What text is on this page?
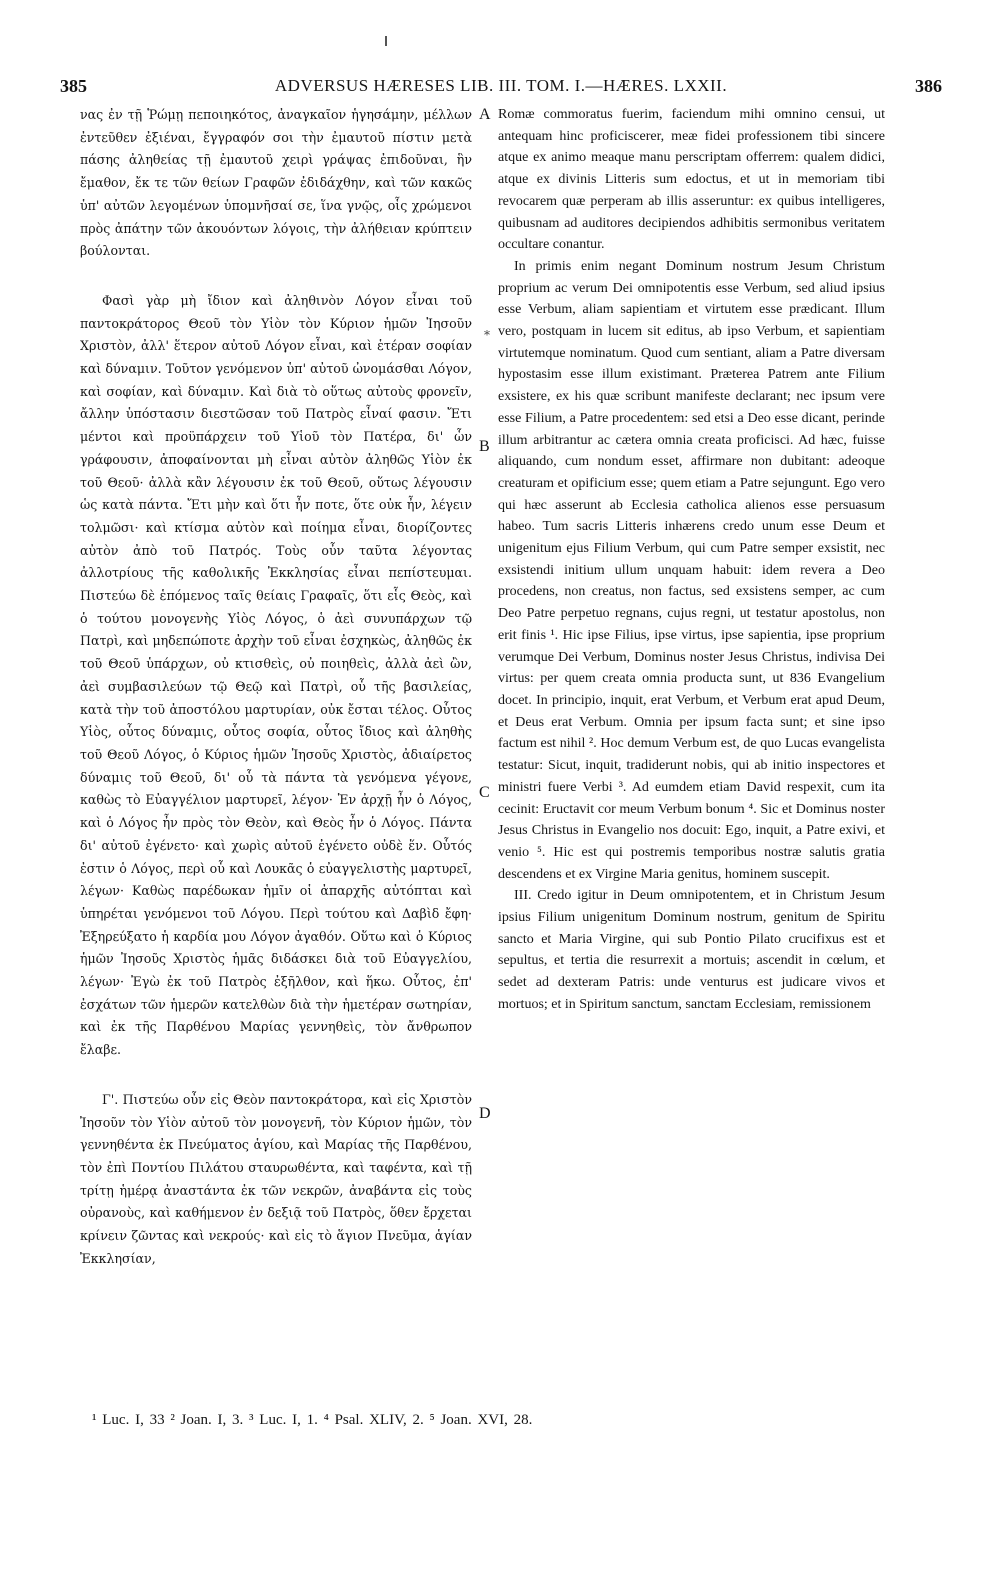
385	ADVERSUS HÆRESES LIB. III. TOM. I.—HÆRES. LXXII.	386

νας ἐν τῇ Ῥώμῃ πεποιηκότος, ἀναγκαῖον ἡγησάμην, μέλλων ἐντεῦθεν ἐξιέναι, ἔγγραφόν σοι τὴν ἐμαυτοῦ πίστιν μετὰ πάσης ἀληθείας τῇ ἐμαυτοῦ χειρὶ γράψας ἐπιδοῦναι, ἣν ἔμαθον, ἔκ τε τῶν θείων Γραφῶν ἐδιδάχθην, καὶ τῶν κακῶς ὑπ' αὐτῶν λεγομένων ὑπομνῆσαί σε, ἵνα γνῷς, οἷς χρώμενοι πρὸς ἀπάτην τῶν ἀκουόντων λόγοις, τὴν ἀλήθειαν κρύπτειν βούλονται.

Φασὶ γὰρ μὴ ἴδιον καὶ ἀληθινὸν Λόγον εἶναι τοῦ παντοκράτορος Θεοῦ τὸν Υἱὸν τὸν Κύριον ἡμῶν Ἰησοῦν Χριστὸν, ἀλλ' ἕτερον αὐτοῦ Λόγον εἶναι, καὶ ἑτέραν σοφίαν καὶ δύναμιν. Τοῦτον γενόμενον ὑπ' αὐτοῦ ὠνομάσθαι Λόγον, καὶ σοφίαν, καὶ δύναμιν. Καὶ διὰ τὸ οὕτως αὐτοὺς φρονεῖν, ἄλλην ὑπόστασιν διεστῶσαν τοῦ Πατρὸς εἶναί φασιν. Ἔτι μέντοι καὶ προϋπάρχειν τοῦ Υἱοῦ τὸν Πατέρα, δι' ὧν γράφουσιν, ἀποφαίνονται μὴ εἶναι αὐτὸν ἀληθῶς Υἱὸν ἐκ τοῦ Θεοῦ· ἀλλὰ κἂν λέγουσιν ἐκ τοῦ Θεοῦ, οὕτως λέγουσιν ὡς κατὰ πάντα. Ἔτι μὴν καὶ ὅτι ἦν ποτε, ὅτε οὐκ ἦν, λέγειν τολμῶσι· καὶ κτίσμα αὐτὸν καὶ ποίημα εἶναι, διορίζοντες αὐτὸν ἀπὸ τοῦ Πατρός. Τοὺς οὖν ταῦτα λέγοντας ἀλλοτρίους τῆς καθολικῆς Ἐκκλησίας εἶναι πεπίστευμαι. Πιστεύω δὲ ἑπόμενος ταῖς θείαις Γραφαῖς, ὅτι εἷς Θεὸς, καὶ ὁ τούτου μονογενὴς Υἱὸς Λόγος, ὁ ἀεὶ συνυπάρχων τῷ Πατρὶ, καὶ μηδεπώποτε ἀρχὴν τοῦ εἶναι ἐσχηκὼς, ἀληθῶς ἐκ τοῦ Θεοῦ ὑπάρχων, οὐ κτισθεὶς, οὐ ποιηθεὶς, ἀλλὰ ἀεὶ ὢν, ἀεὶ συμβασιλεύων τῷ Θεῷ καὶ Πατρὶ, οὗ τῆς βασιλείας, κατὰ τὴν τοῦ ἀποστόλου μαρτυρίαν, οὐκ ἔσται τέλος. Οὗτος Υἱὸς, οὗτος δύναμις, οὗτος σοφία, οὗτος ἴδιος καὶ ἀληθὴς τοῦ Θεοῦ Λόγος, ὁ Κύριος ἡμῶν Ἰησοῦς Χριστὸς, ἀδιαίρετος δύναμις τοῦ Θεοῦ, δι' οὗ τὰ πάντα τὰ γενόμενα γέγονε, καθὼς τὸ Εὐαγγέλιον μαρτυρεῖ, λέγον· Ἐν ἀρχῇ ἦν ὁ Λόγος, καὶ ὁ Λόγος ἦν πρὸς τὸν Θεὸν, καὶ Θεὸς ἦν ὁ Λόγος. Πάντα δι' αὐτοῦ ἐγένετο· καὶ χωρὶς αὐτοῦ ἐγένετο οὐδὲ ἕν. Οὗτός ἐστιν ὁ Λόγος, περὶ οὗ καὶ Λουκᾶς ὁ εὐαγγελιστὴς μαρτυρεῖ, λέγων· Καθὼς παρέδωκαν ἡμῖν οἱ ἀπαρχῆς αὐτόπται καὶ ὑπηρέται γενόμενοι τοῦ Λόγου. Περὶ τούτου καὶ Δαβὶδ ἔφη· Ἐξηρεύξατο ἡ καρδία μου Λόγον ἀγαθόν. Οὕτω καὶ ὁ Κύριος ἡμῶν Ἰησοῦς Χριστὸς ἡμᾶς διδάσκει διὰ τοῦ Εὐαγγελίου, λέγων· Ἐγὼ ἐκ τοῦ Πατρὸς ἐξῆλθον, καὶ ἥκω. Οὗτος, ἐπ' ἐσχάτων τῶν ἡμερῶν κατελθὼν διὰ τὴν ἡμετέραν σωτηρίαν, καὶ ἐκ τῆς Παρθένου Μαρίας γεννηθεὶς, τὸν ἄνθρωπον ἔλαβε.

Γ'. Πιστεύω οὖν εἰς Θεὸν παντοκράτορα, καὶ εἰς Χριστὸν Ἰησοῦν τὸν Υἱὸν αὐτοῦ τὸν μονογενῆ, τὸν Κύριον ἡμῶν, τὸν γεννηθέντα ἐκ Πνεύματος ἁγίου, καὶ Μαρίας τῆς Παρθένου, τὸν ἐπὶ Ποντίου Πιλάτου σταυρωθέντα, καὶ ταφέντα, καὶ τῇ τρίτῃ ἡμέρᾳ ἀναστάντα ἐκ τῶν νεκρῶν, ἀναβάντα εἰς τοὺς οὐρανοὺς, καὶ καθήμενον ἐν δεξιᾷ τοῦ Πατρὸς, ὅθεν ἔρχεται κρίνειν ζῶντας καὶ νεκρούς· καὶ εἰς τὸ ἅγιον Πνεῦμα, ἁγίαν Ἐκκλησίαν,

A
*
B
C
D

Romæ commoratus fuerim, faciendum mihi omnino censui, ut antequam hinc proficiscerer, meæ fidei professionem tibi sincere atque ex animo meaque manu perscriptam offerrem: qualem didici, atque ex divinis Litteris sum edoctus, et ut in memoriam tibi revocarem quæ perperam ab illis asseruntur: ex quibus intelligeres, quibusnam ad auditores decipiendos adhibitis sermonibus veritatem occultare conantur.

In primis enim negant Dominum nostrum Jesum Christum proprium ac verum Dei omnipotentis esse Verbum, sed aliud ipsius esse Verbum, aliam sapientiam et virtutem esse prædicant. Illum vero, postquam in lucem sit editus, ab ipso Verbum, et sapientiam virtutemque nominatum. Quod cum sentiant, aliam a Patre diversam hypostasim esse illum existimant. Præterea Patrem ante Filium exsistere, ex his quæ scribunt manifeste declarant; nec ipsum vere esse Filium, a Patre procedentem: sed etsi a Deo esse dicant, perinde illum arbitrantur ac cætera omnia creata proficisci. Ad hæc, fuisse aliquando, cum nondum esset, affirmare non dubitant: adeoque creaturam et opificium esse; quem etiam a Patre sejungunt. Ego vero qui hæc asserunt ab Ecclesia catholica alienos esse persuasum habeo. Tum sacris Litteris inhærens credo unum esse Deum et unigenitum ejus Filium Verbum, qui cum Patre semper exsistit, nec exsistendi initium ullum unquam habuit: idem revera a Deo procedens, non creatus, non factus, sed exsistens semper, ac cum Deo Patre perpetuo regnans, cujus regni, ut testatur apostolus, non erit finis ¹. Hic ipse Filius, ipse virtus, ipse sapientia, ipse proprium verumque Dei Verbum, Dominus noster Jesus Christus, indivisa Dei virtus: per quem creata omnia producta sunt, ut 836 Evangelium docet. In principio, inquit, erat Verbum, et Verbum erat apud Deum, et Deus erat Verbum. Omnia per ipsum facta sunt; et sine ipso factum est nihil ². Hoc demum Verbum est, de quo Lucas evangelista testatur: Sicut, inquit, tradiderunt nobis, qui ab initio inspectores et ministri fuere Verbi ³. Ad eumdem etiam David respexit, cum ita cecinit: Eructavit cor meum Verbum bonum ⁴. Sic et Dominus noster Jesus Christus in Evangelio nos docuit: Ego, inquit, a Patre exivi, et venio ⁵. Hic est qui postremis temporibus nostræ salutis gratia descendens et ex Virgine Maria genitus, hominem suscepit.

III. Credo igitur in Deum omnipotentem, et in Christum Jesum ipsius Filium unigenitum Dominum nostrum, genitum de Spiritu sancto et Maria Virgine, qui sub Pontio Pilato crucifixus est et sepultus, et tertia die resurrexit a mortuis; ascendit in cœlum, et sedet ad dexteram Patris: unde venturus est judicare vivos et mortuos; et in Spiritum sanctum, sanctam Ecclesiam, remissionem

¹ Luc. I, 33 ² Joan. I, 3. ³ Luc. I, 1. ⁴ Psal. XLIV, 2. ⁵ Joan. XVI, 28.
